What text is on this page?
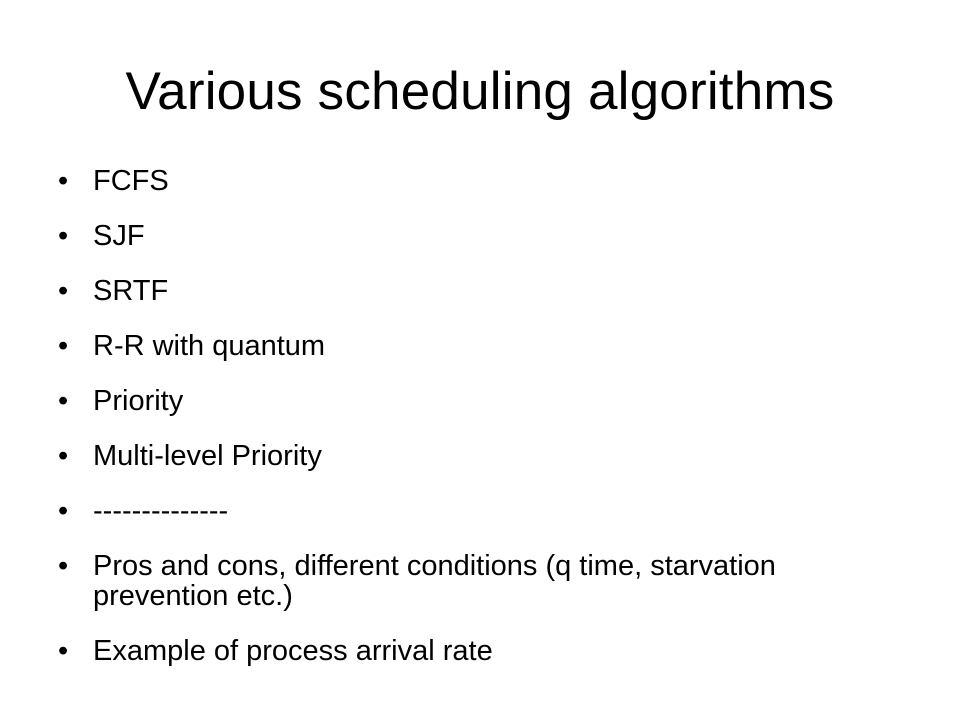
Various scheduling algorithms
• FCFS
• SJF
• SRTF
• R-R with quantum
• Priority
• Multi-level Priority
• --------------
• Pros and cons, different conditions (q time, starvation prevention etc.)
• Example of process arrival rate
